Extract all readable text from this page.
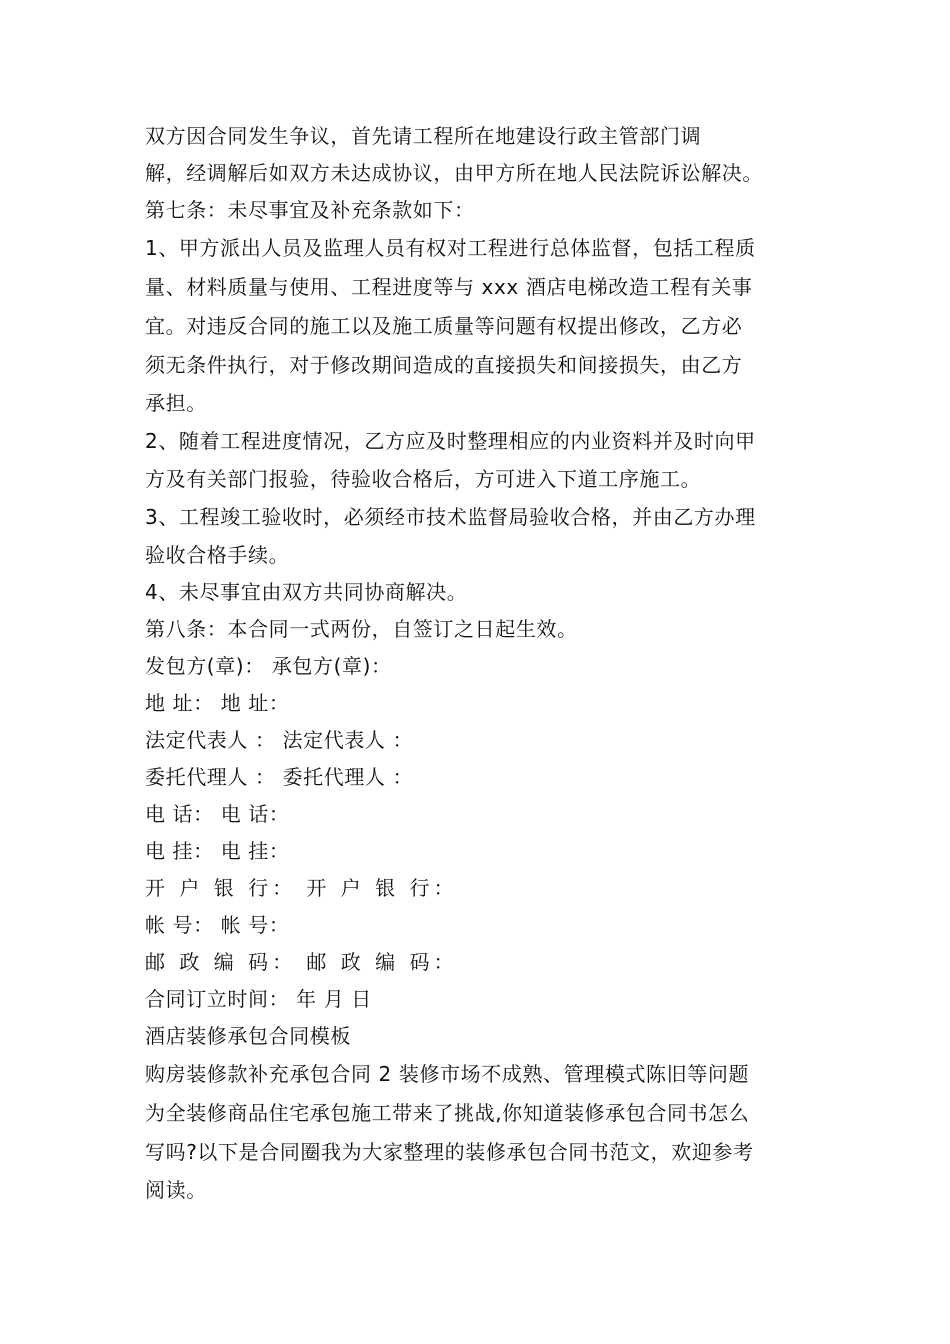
双方因合同发生争议，首先请工程所在地建设行政主管部门调
解，经调解后如双方未达成协议，由甲方所在地人民法院诉讼解决。
第七条：未尽事宜及补充条款如下：
1、甲方派出人员及监理人员有权对工程进行总体监督，包括工程质
量、材料质量与使用、工程进度等与 xxx 酒店电梯改造工程有关事
宜。对违反合同的施工以及施工质量等问题有权提出修改，乙方必
须无条件执行，对于修改期间造成的直接损失和间接损失，由乙方
承担。
2、随着工程进度情况，乙方应及时整理相应的内业资料并及时向甲
方及有关部门报验，待验收合格后，方可进入下道工序施工。
3、工程竣工验收时，必须经市技术监督局验收合格，并由乙方办理
验收合格手续。
4、未尽事宜由双方共同协商解决。
第八条：本合同一式两份，自签订之日起生效。
发包方(章)： 承包方(章)：
地 址： 地 址：
法定代表人 ： 法定代表人 ：
委托代理人 ： 委托代理人 ：
电 话： 电 话：
电 挂： 电 挂：
开 户 银 行： 开 户 银 行：
帐 号： 帐 号：
邮 政 编 码： 邮 政 编 码：
合同订立时间： 年 月 日
酒店装修承包合同模板
购房装修款补充承包合同 2 装修市场不成熟、管理模式陈旧等问题
为全装修商品住宅承包施工带来了挑战,你知道装修承包合同书怎么
写吗?以下是合同圈我为大家整理的装修承包合同书范文，欢迎参考
阅读。
